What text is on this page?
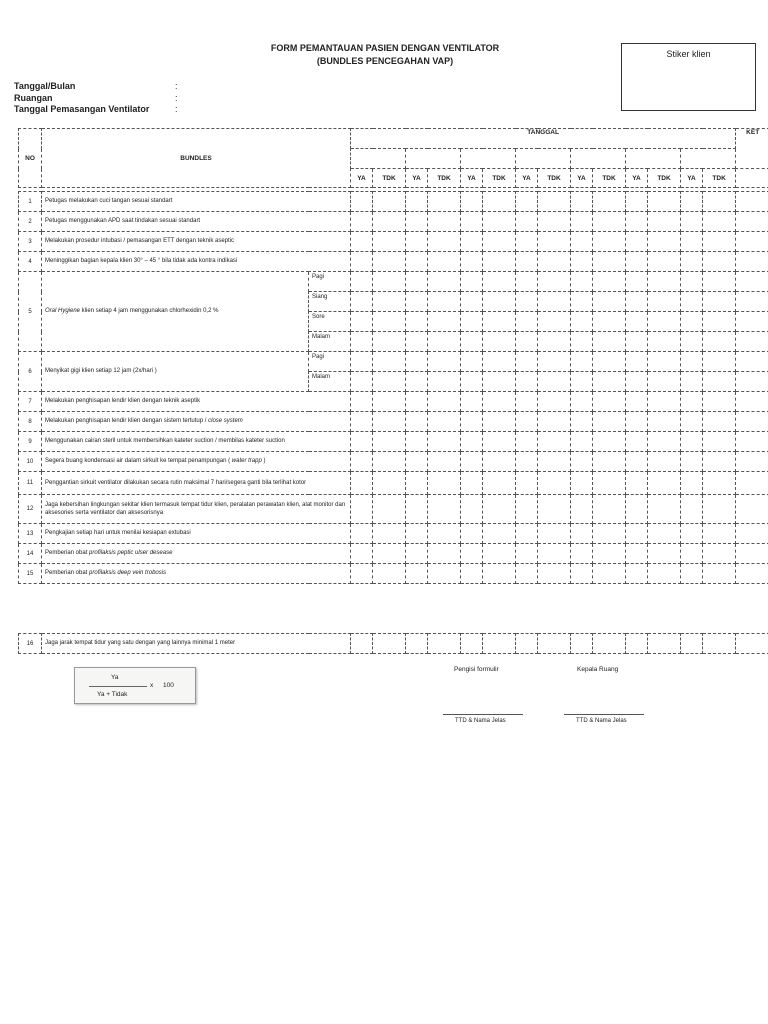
FORM PEMANTAUAN PASIEN DENGAN VENTILATOR
(BUNDLES PENCEGAHAN VAP)
Stiker klien
Tanggal/Bulan	:
Ruangan	:
Tanggal Pemasangan Ventilator	:
NO	BUNDLES		TANGGAL														KET

			YA	TDK	YA	TDK	YA	TDK	YA	TDK	YA	TDK	YA	TDK	YA	TDK	

1	Petugas melakukan cuci tangan sesuai standart																
2	Petugas menggunakan APD saat tindakan sesuai standart																
3	Melakukan prosedur intubasi / pemasangan ETT dengan teknik aseptic																
4	Meninggikan bagian kepala klien 30° – 45 ° bila tidak ada kontra indikasi																
5	Oral Hygiene klien setiap 4 jam menggunakan chlorhexidin 0,2 %	Pagi															
		Siang															
		Sore															
		Malam															
6	Menyikat gigi klien setiap 12 jam (2x/hari )	Pagi															
		Malam															
7	Melakukan penghisapan lendir klien dengan teknik aseptik																
8	Melakukan penghisapan lendir klien dengan sistem tertutup / close system																
9	Menggunakan cairan steril untuk membersihkan kateter suction / membilas kateter suction																
10	Segera buang kondensasi air dalam sirkuit ke tempat penampungan ( water trapp )																
11	Penggantian sirkuit ventilator dilakukan secara rutin maksimal 7 hari/segera ganti bila terlihat kotor																
12	Jaga kebersihan lingkungan sekitar klien termasuk tempat tidur klien, peralatan perawatan klien, alat monitor dan aksesories serta ventilator dan aksesorisnya																
13	Pengkajian setiap hari untuk menilai kesiapan extubasi																
14	Pemberian obat profilaksis peptic ulser desease																
15	Pemberian obat profilaksis deep vein trobosis																
16	Jaga jarak tempat tidur yang satu dengan yang lainnya minimal 1 meter															
Ya
Ya + Tidak
x 100
Pengisi formulir	Kepala Ruang
TTD & Nama Jelas	TTD & Nama Jelas
